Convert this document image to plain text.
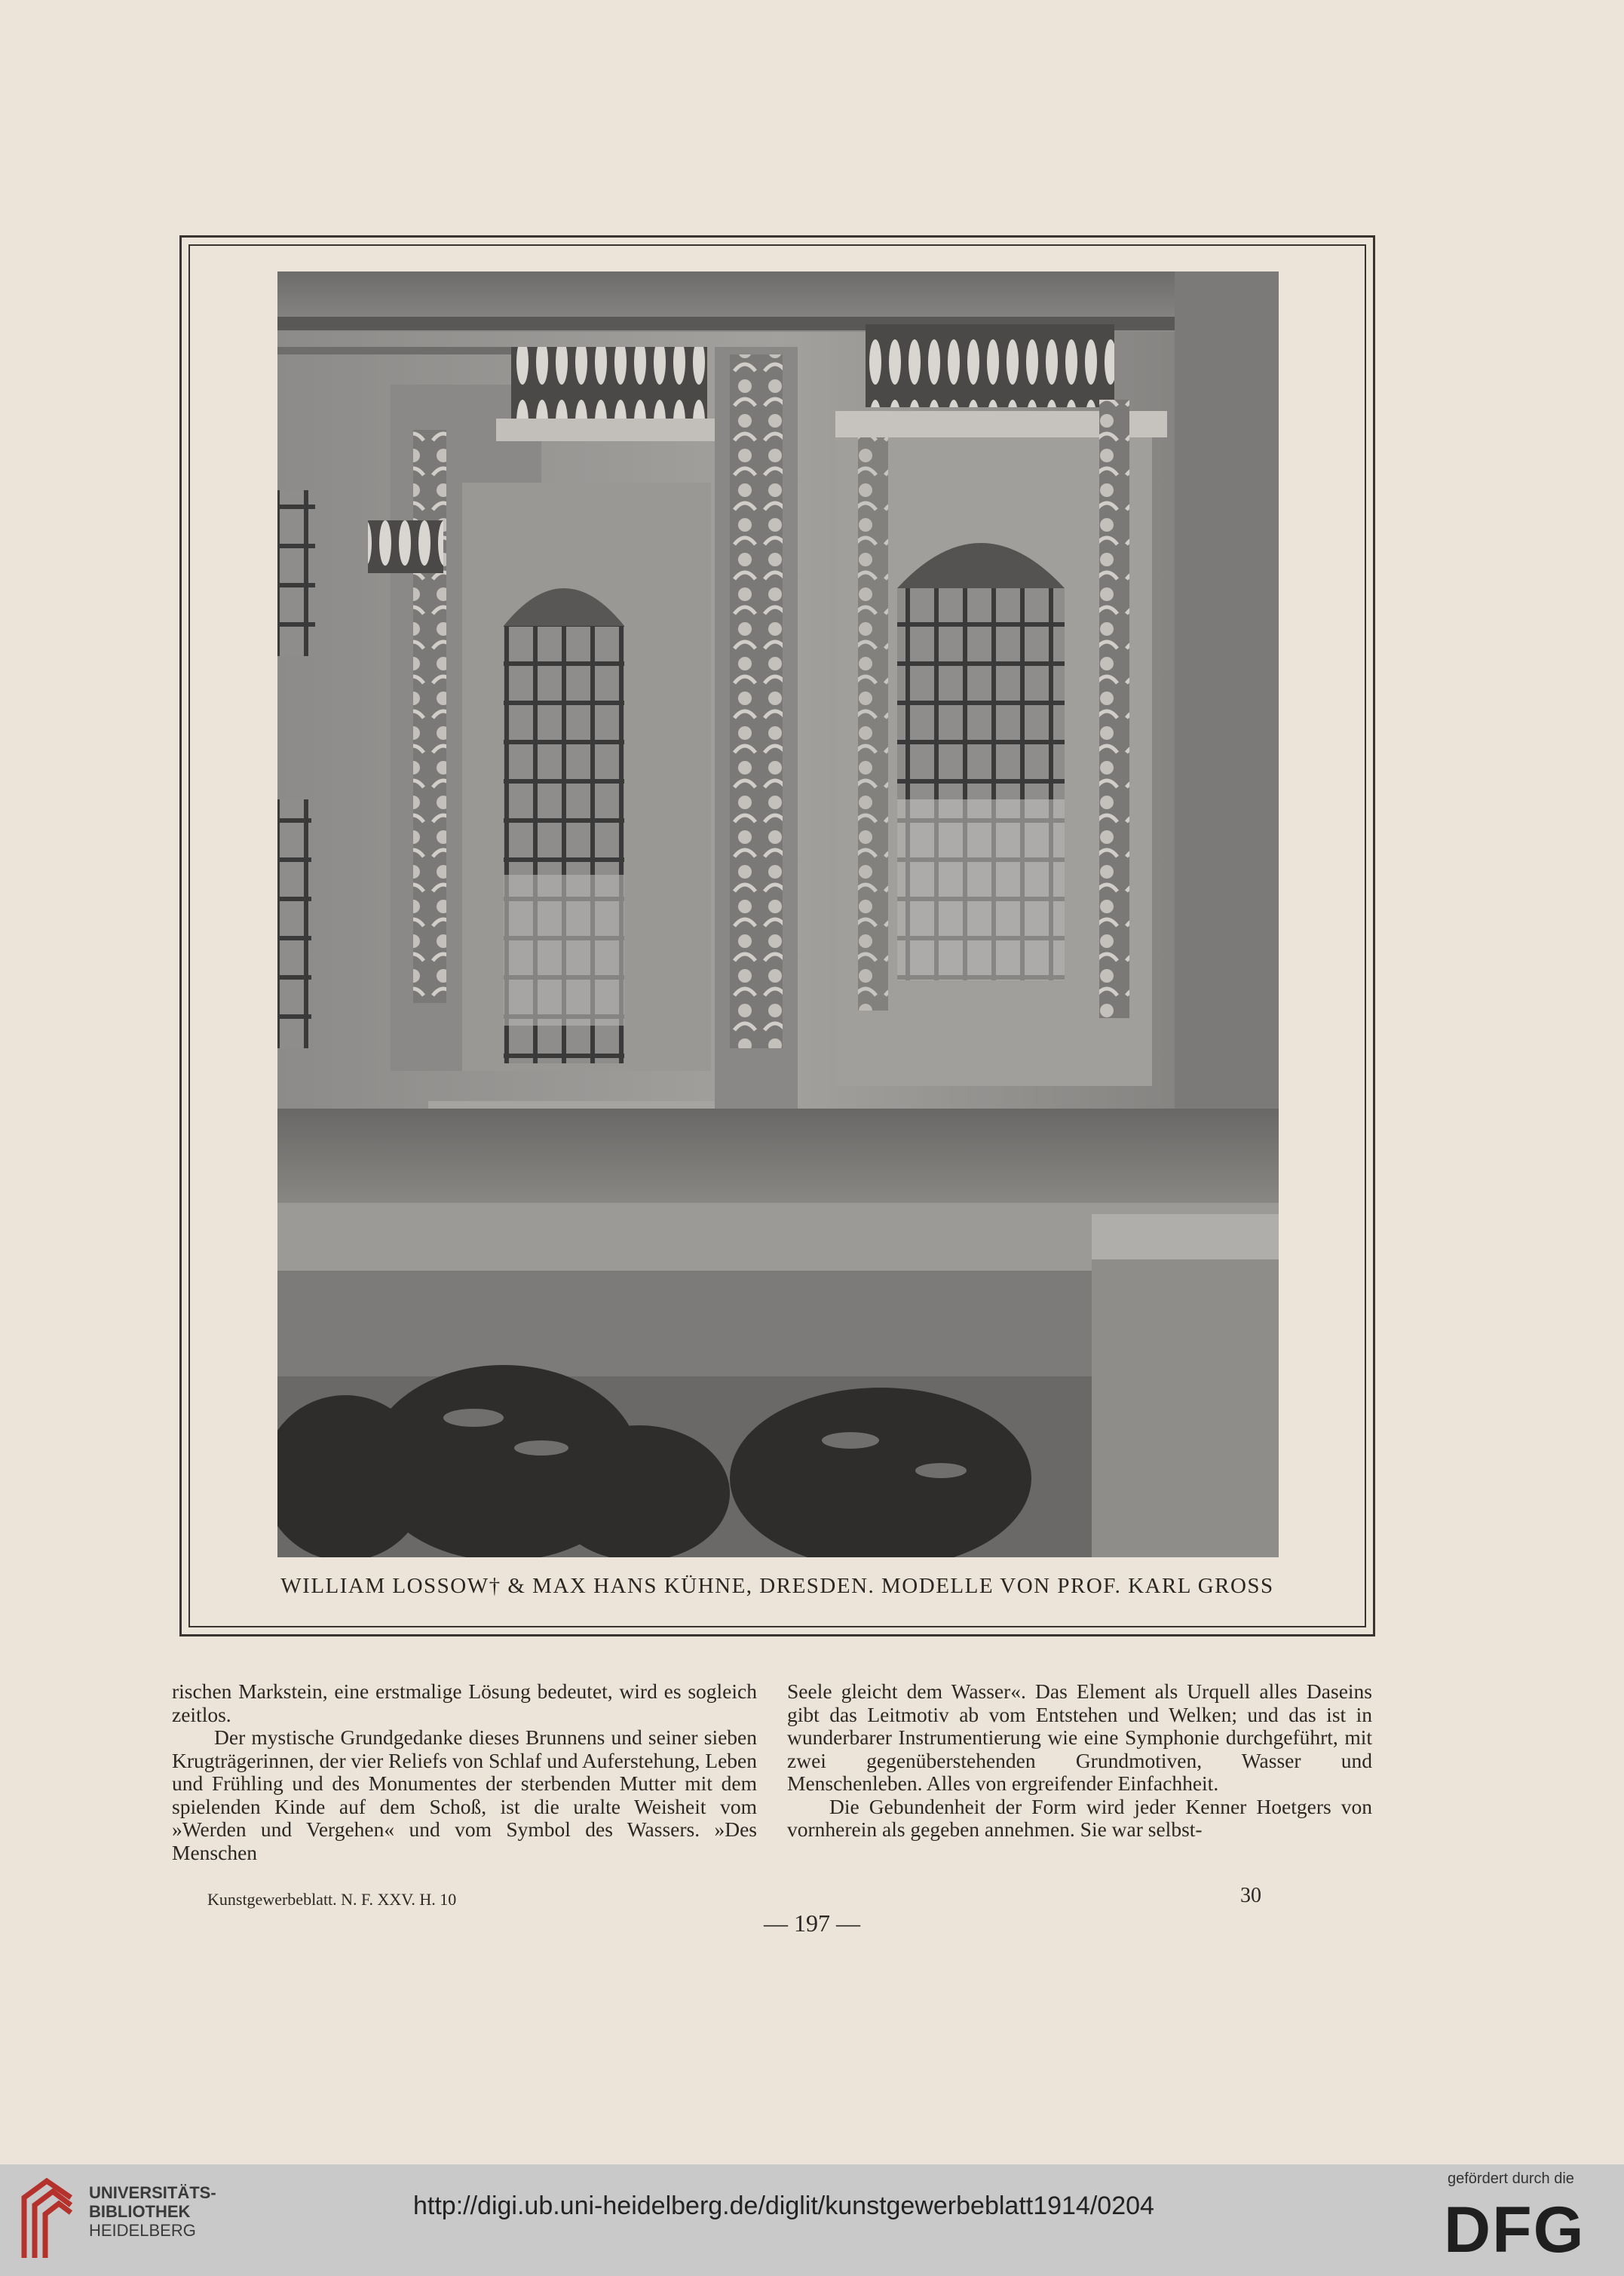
WILLIAM LOSSOW† & MAX HANS KÜHNE, DRESDEN. MODELLE VON PROF. KARL GROSS

rischen Markstein, eine erstmalige Lösung bedeutet, wird es sogleich zeitlos.

Der mystische Grundgedanke dieses Brunnens und seiner sieben Krugträgerinnen, der vier Reliefs von Schlaf und Auferstehung, Leben und Frühling und des Monumentes der sterbenden Mutter mit dem spielenden Kinde auf dem Schoß, ist die uralte Weisheit vom »Werden und Vergehen« und vom Symbol des Wassers. »Des Menschen

Seele gleicht dem Wasser«. Das Element als Urquell alles Daseins gibt das Leitmotiv ab vom Entstehen und Welken; und das ist in wunderbarer Instrumentierung wie eine Symphonie durchgeführt, mit zwei gegenüberstehenden Grundmotiven, Wasser und Menschenleben. Alles von ergreifender Einfachheit.

Die Gebundenheit der Form wird jeder Kenner Hoetgers von vornherein als gegeben annehmen. Sie war selbst-

Kunstgewerbeblatt. N. F. XXV. H. 10	30
— 197 —
UNIVERSITÄTS-
BIBLIOTHEK
HEIDELBERG
http://digi.ub.uni-heidelberg.de/diglit/kunstgewerbeblatt1914/0204
gefördert durch die
DFG
